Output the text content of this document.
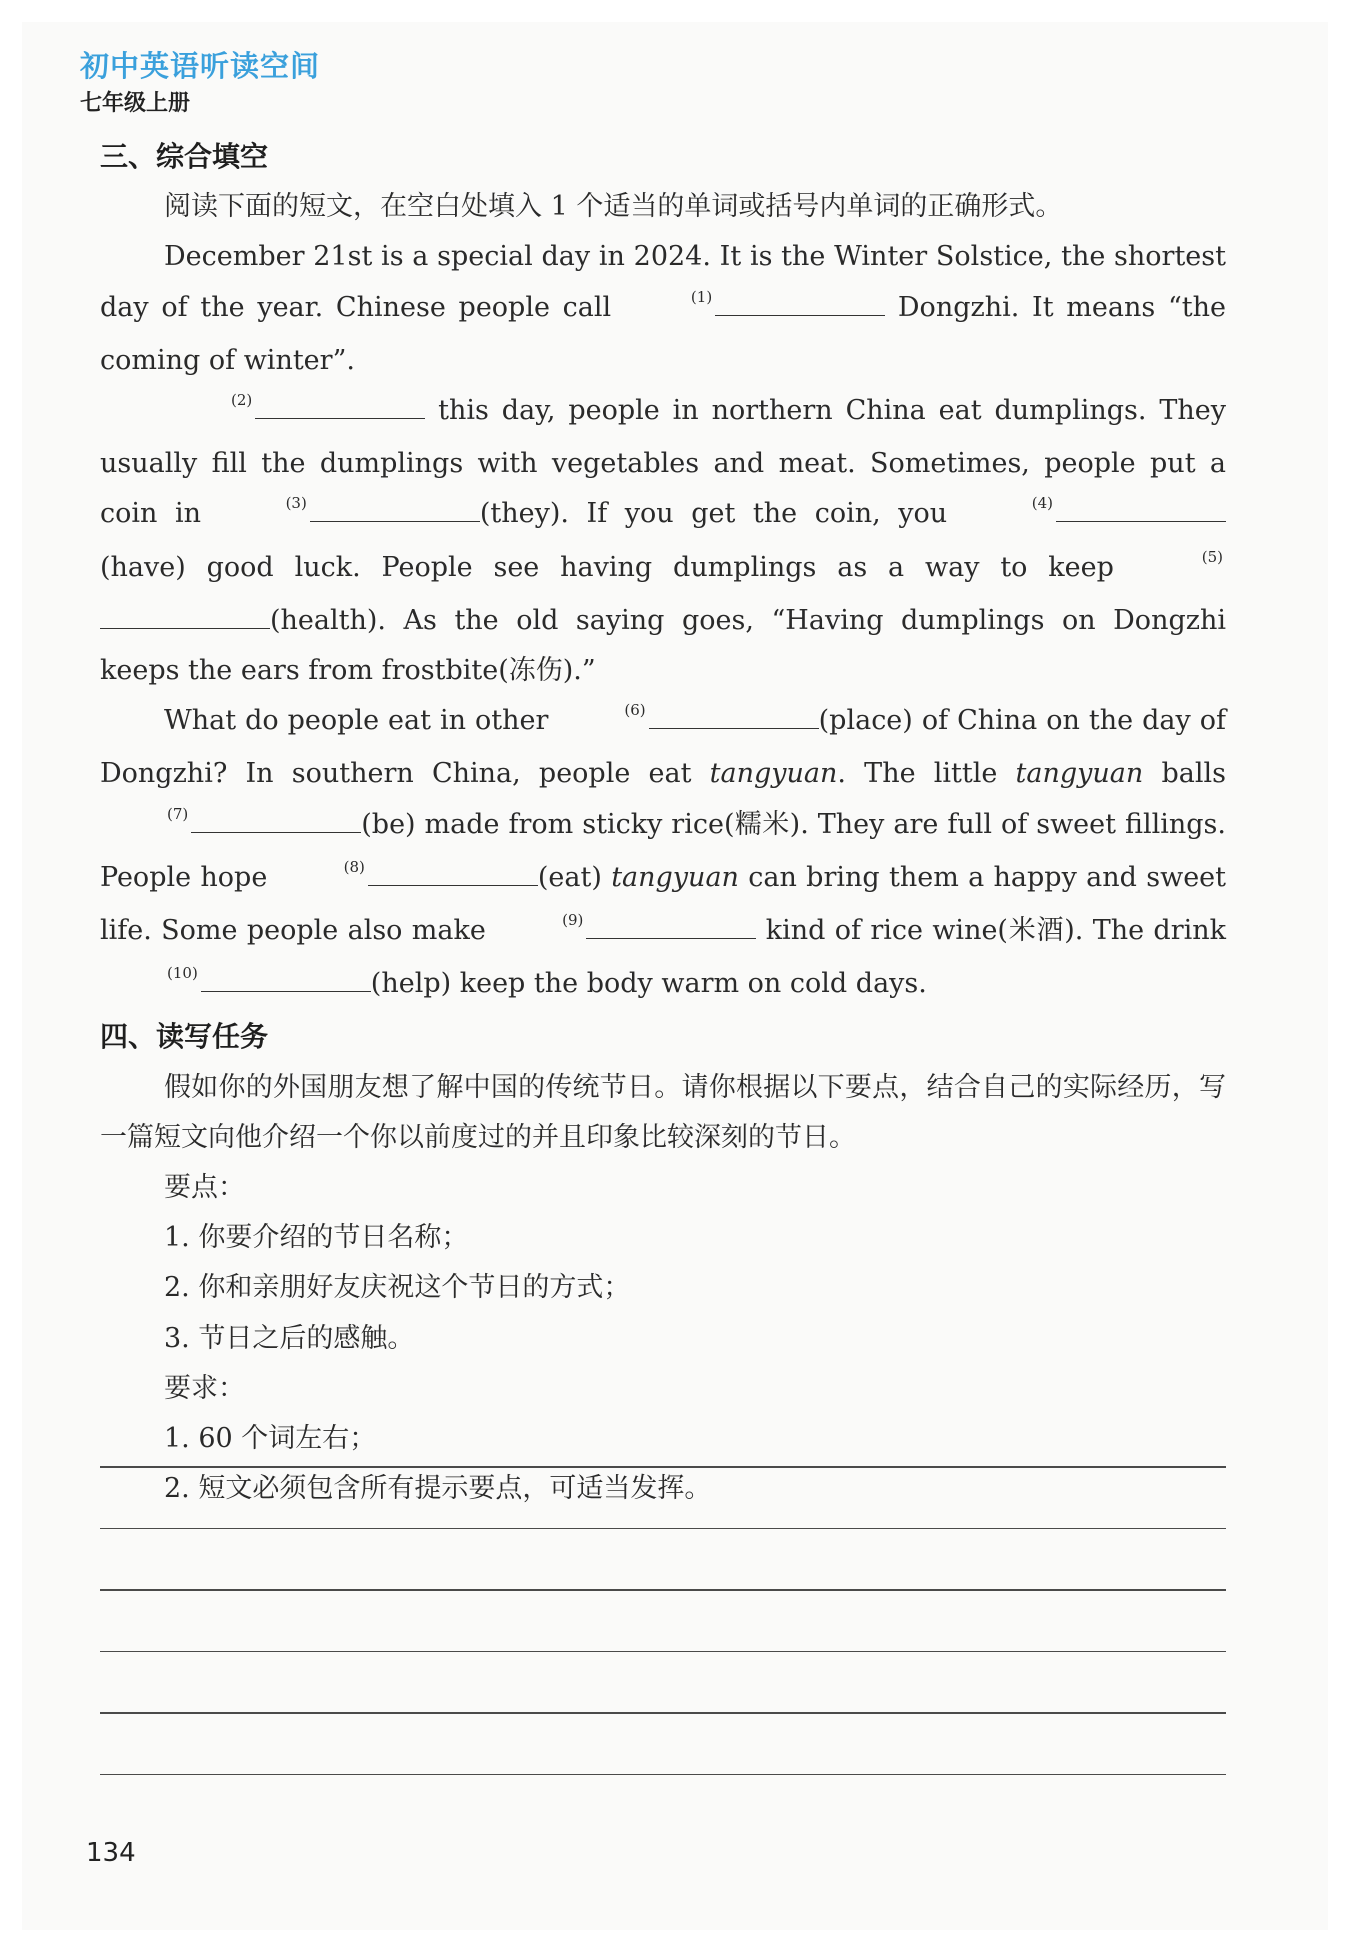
初中英语听读空间
七年级上册
三、综合填空
阅读下面的短文，在空白处填入 1 个适当的单词或括号内单词的正确形式。
December 21st is a special day in 2024. It is the Winter Solstice, the shortest day of the year. Chinese people call	(1)	Dongzhi. It means “the coming of winter”.
(2)	this day, people in northern China eat dumplings. They usually fill the dumplings with vegetables and meat. Sometimes, people put a coin in	(3)	(they). If you get the coin, you	(4)(have) good luck. People see having dumplings as a way to keep	(5)(health). As the old saying goes, “Having dumplings on Dongzhi keeps the ears from frostbite(冻伤).”
What do people eat in other	(6)	(place) of China on the day of Dongzhi? In southern China, people eat tangyuan. The little tangyuan balls (7)	(be) made from sticky rice(糯米). They are full of sweet fillings. People hope	(8)	(eat) tangyuan can bring them a happy and sweet life. Some people also make	(9)	kind of rice wine(米酒). The drink (10)	(help) keep the body warm on cold days.
四、读写任务
假如你的外国朋友想了解中国的传统节日。请你根据以下要点，结合自己的实际经历，写一篇短文向他介绍一个你以前度过的并且印象比较深刻的节日。
要点：
1. 你要介绍的节日名称；
2. 你和亲朋好友庆祝这个节日的方式；
3. 节日之后的感触。
要求：
1. 60 个词左右；
2. 短文必须包含所有提示要点，可适当发挥。
134
